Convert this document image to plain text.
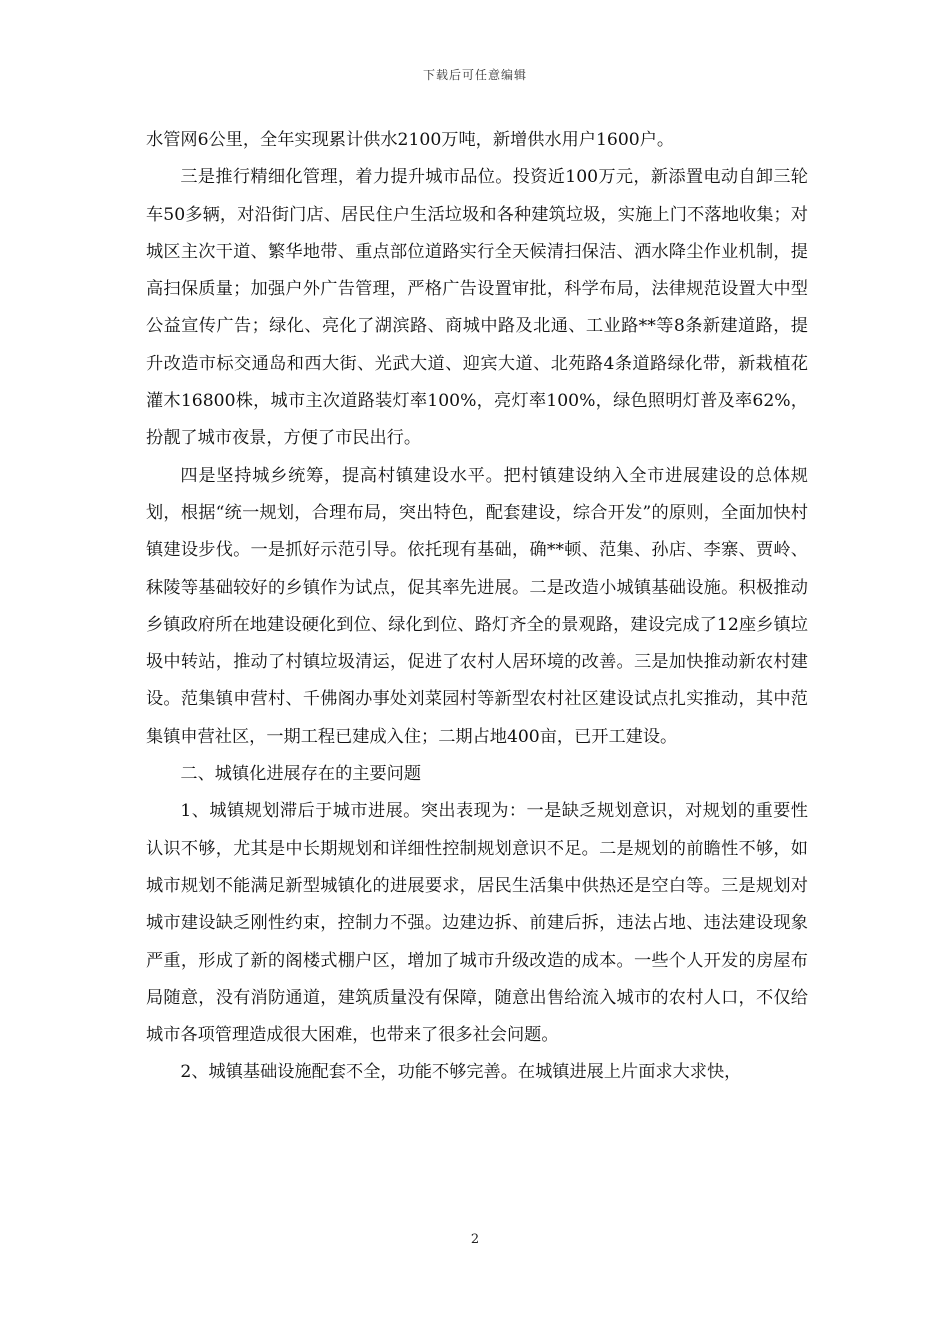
下载后可任意编辑

水管网6公里，全年实现累计供水2100万吨，新增供水用户1600户。

三是推行精细化管理，着力提升城市品位。投资近100万元，新添置电动自卸三轮车50多辆，对沿街门店、居民住户生活垃圾和各种建筑垃圾，实施上门不落地收集；对城区主次干道、繁华地带、重点部位道路实行全天候清扫保洁、洒水降尘作业机制，提高扫保质量；加强户外广告管理，严格广告设置审批，科学布局，法律规范设置大中型公益宣传广告；绿化、亮化了湖滨路、商城中路及北通、工业路**等8条新建道路，提升改造市标交通岛和西大街、光武大道、迎宾大道、北苑路4条道路绿化带，新栽植花灌木16800株，城市主次道路装灯率100%，亮灯率100%，绿色照明灯普及率62%，扮靓了城市夜景，方便了市民出行。

四是坚持城乡统筹，提高村镇建设水平。把村镇建设纳入全市进展建设的总体规划，根据“统一规划，合理布局，突出特色，配套建设，综合开发”的原则，全面加快村镇建设步伐。一是抓好示范引导。依托现有基础，确**顿、范集、孙店、李寨、贾岭、秣陵等基础较好的乡镇作为试点，促其率先进展。二是改造小城镇基础设施。积极推动乡镇政府所在地建设硬化到位、绿化到位、路灯齐全的景观路，建设完成了12座乡镇垃圾中转站，推动了村镇垃圾清运，促进了农村人居环境的改善。三是加快推动新农村建设。范集镇申营村、千佛阁办事处刘菜园村等新型农村社区建设试点扎实推动，其中范集镇申营社区，一期工程已建成入住；二期占地400亩，已开工建设。

二、城镇化进展存在的主要问题

1、城镇规划滞后于城市进展。突出表现为：一是缺乏规划意识，对规划的重要性认识不够，尤其是中长期规划和详细性控制规划意识不足。二是规划的前瞻性不够，如城市规划不能满足新型城镇化的进展要求，居民生活集中供热还是空白等。三是规划对城市建设缺乏刚性约束，控制力不强。边建边拆、前建后拆，违法占地、违法建设现象严重，形成了新的阁楼式棚户区，增加了城市升级改造的成本。一些个人开发的房屋布局随意，没有消防通道，建筑质量没有保障，随意出售给流入城市的农村人口，不仅给城市各项管理造成很大困难，也带来了很多社会问题。

2、城镇基础设施配套不全，功能不够完善。在城镇进展上片面求大求快，

2
